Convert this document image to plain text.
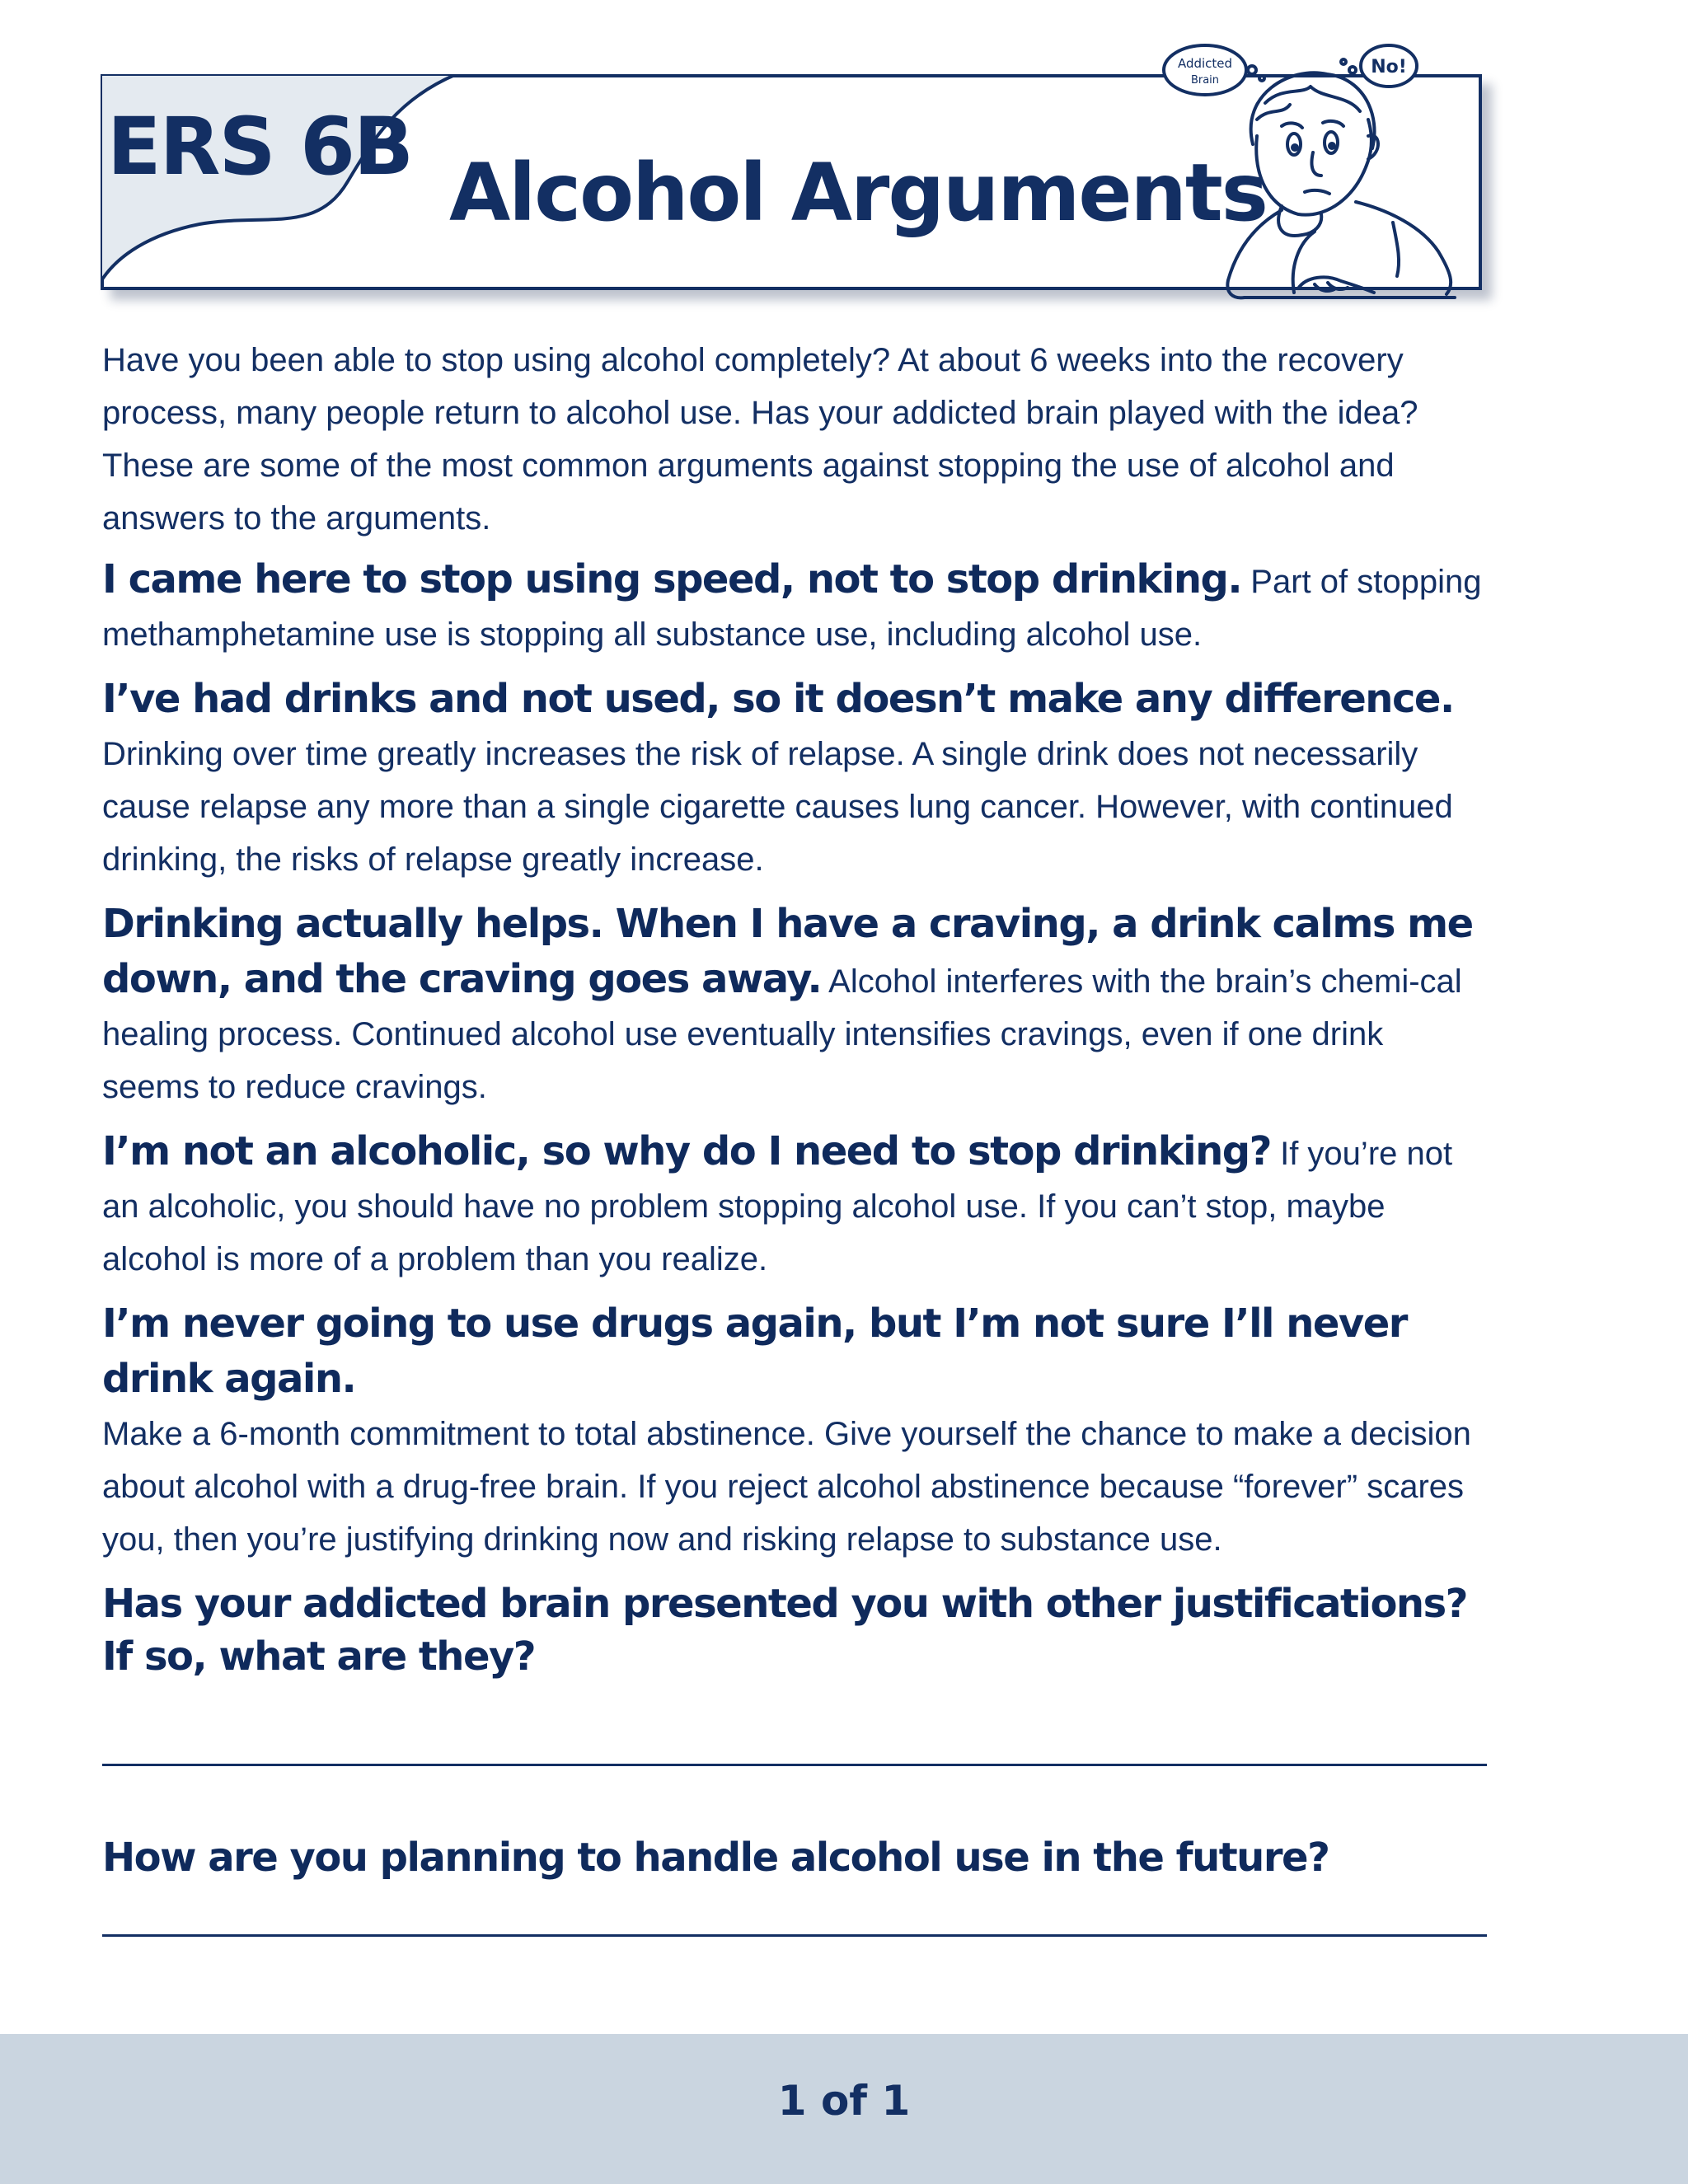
ERS 6B Alcohol Arguments
Addicted
Brain
No!

Have you been able to stop using alcohol completely? At about 6 weeks into the recovery process, many people return to alcohol use. Has your addicted brain played with the idea? These are some of the most common arguments against stopping the use of alcohol and answers to the arguments.

I came here to stop using speed, not to stop drinking. Part of stopping methamphetamine use is stopping all substance use, including alcohol use.

I’ve had drinks and not used, so it doesn’t make any difference. Drinking over time greatly increases the risk of relapse. A single drink does not necessarily cause relapse any more than a single cigarette causes lung cancer. However, with continued drinking, the risks of relapse greatly increase.

Drinking actually helps. When I have a craving, a drink calms me down, and the craving goes away. Alcohol interferes with the brain’s chemi-cal healing process. Continued alcohol use eventually intensifies cravings, even if one drink seems to reduce cravings.

I’m not an alcoholic, so why do I need to stop drinking? If you’re not an alcoholic, you should have no problem stopping alcohol use. If you can’t stop, maybe alcohol is more of a problem than you realize.

I’m never going to use drugs again, but I’m not sure I’ll never drink again.
Make a 6-month commitment to total abstinence. Give yourself the chance to make a decision about alcohol with a drug-free brain. If you reject alcohol abstinence because “forever” scares you, then you’re justifying drinking now and risking relapse to substance use.

Has your addicted brain presented you with other justifications? If so, what are they?

How are you planning to handle alcohol use in the future?

1 of 1
